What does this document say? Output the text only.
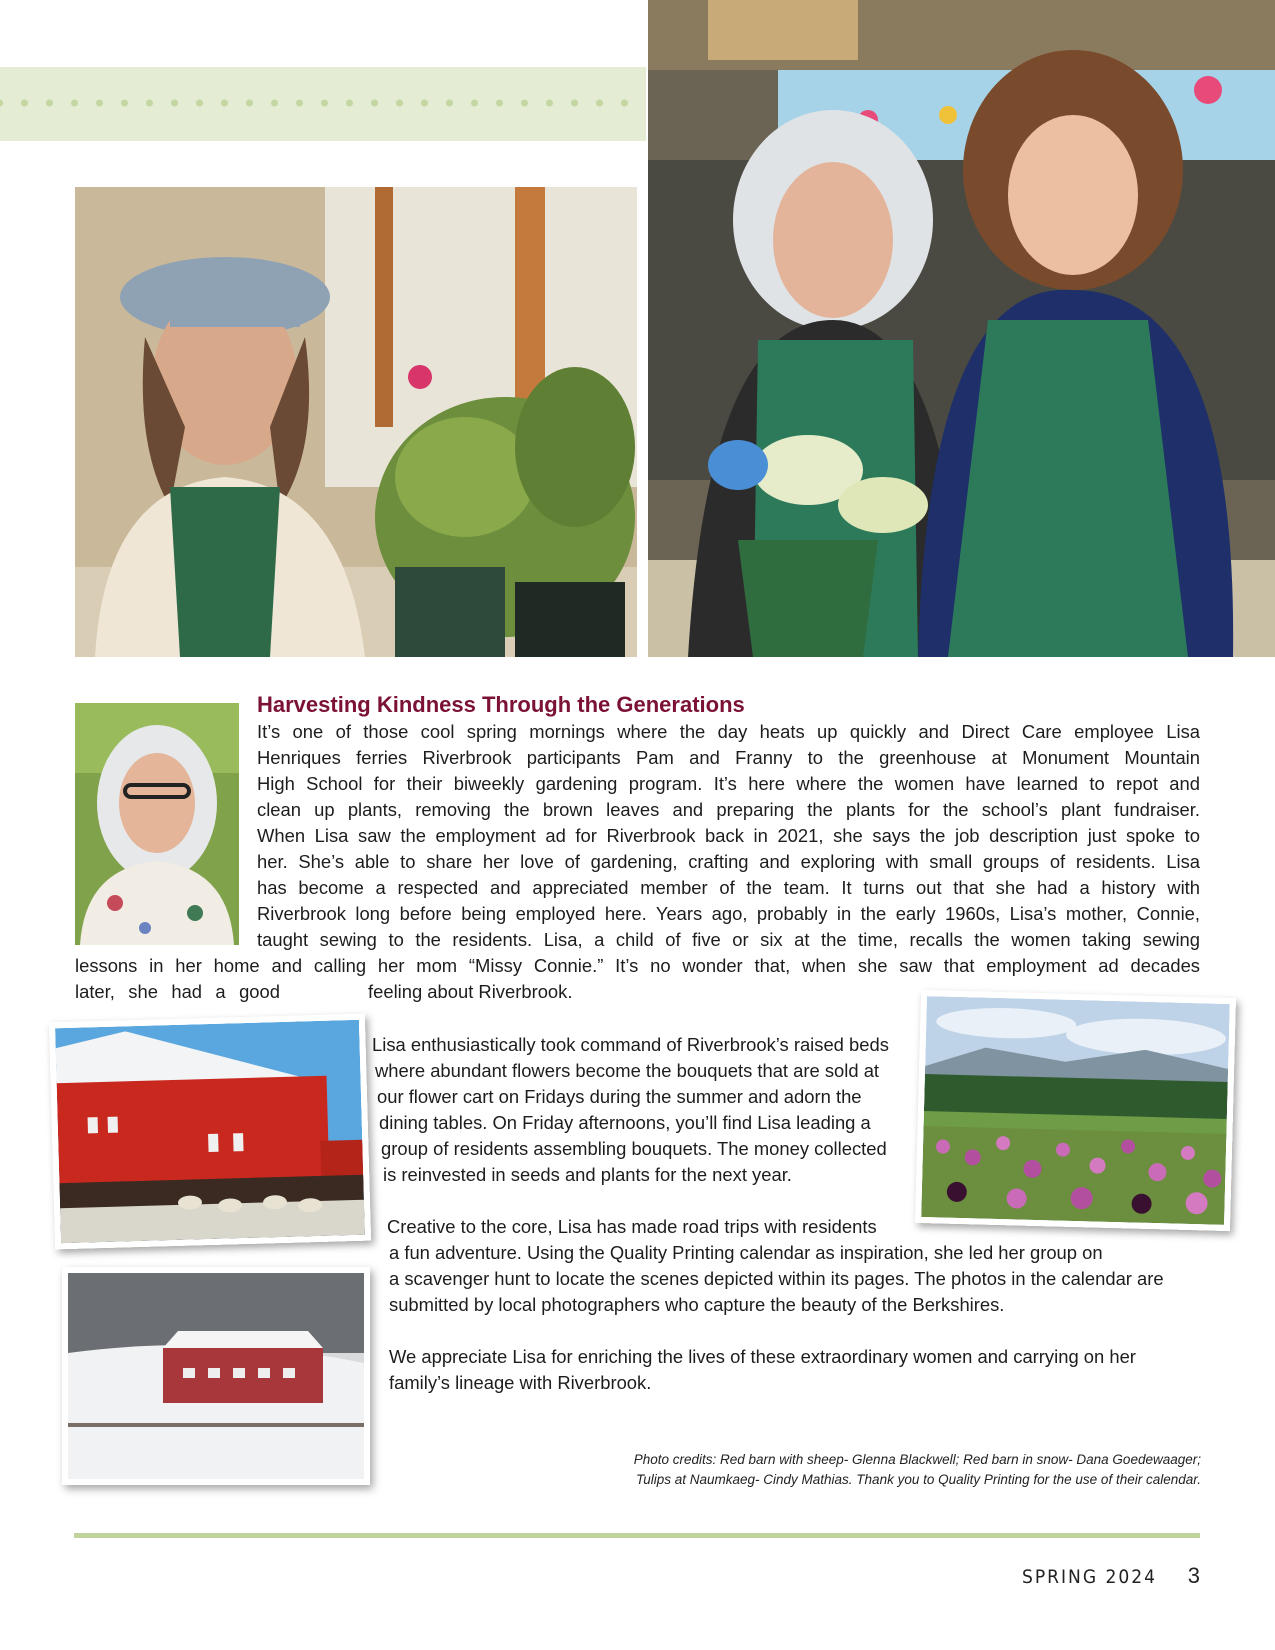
Harvesting Kindness Through the Generations
It’s one of those cool spring mornings where the day heats up quickly and Direct Care employee Lisa
Henriques ferries Riverbrook participants Pam and Franny to the greenhouse at Monument Mountain
High School for their biweekly gardening program. It’s here where the women have learned to repot and
clean up plants, removing the brown leaves and preparing the plants for the school’s plant fundraiser.
When Lisa saw the employment ad for Riverbrook back in 2021, she says the job description just spoke to
her. She’s able to share her love of gardening, crafting and exploring with small groups of residents. Lisa
has become a respected and appreciated member of the team. It turns out that she had a history with
Riverbrook long before being employed here. Years ago, probably in the early 1960s, Lisa’s mother, Connie,
taught sewing to the residents. Lisa, a child of five or six at the time, recalls the women taking sewing
lessons in her home and calling her mom “Missy Connie.” It’s no wonder that, when she saw that employment ad decades
later, she had a good	feeling about Riverbrook.

Lisa enthusiastically took command of Riverbrook’s raised beds

where abundant flowers become the bouquets that are sold at

our flower cart on Fridays during the summer and adorn the

dining tables. On Friday afternoons, you’ll find Lisa leading a

group of residents assembling bouquets. The money collected

is reinvested in seeds and plants for the next year.

Creative to the core, Lisa has made road trips with residents

a fun adventure. Using the Quality Printing calendar as inspiration, she led her group on

a scavenger hunt to locate the scenes depicted within its pages. The photos in the calendar are

submitted by local photographers who capture the beauty of the Berkshires.

We appreciate Lisa for enriching the lives of these extraordinary women and carrying on her

family’s lineage with Riverbrook.

Photo credits: Red barn with sheep- Glenna Blackwell; Red barn in snow- Dana Goedewaager;
Tulips at Naumkaeg- Cindy Mathias. Thank you to Quality Printing for the use of their calendar.
SPRING 2024 3
